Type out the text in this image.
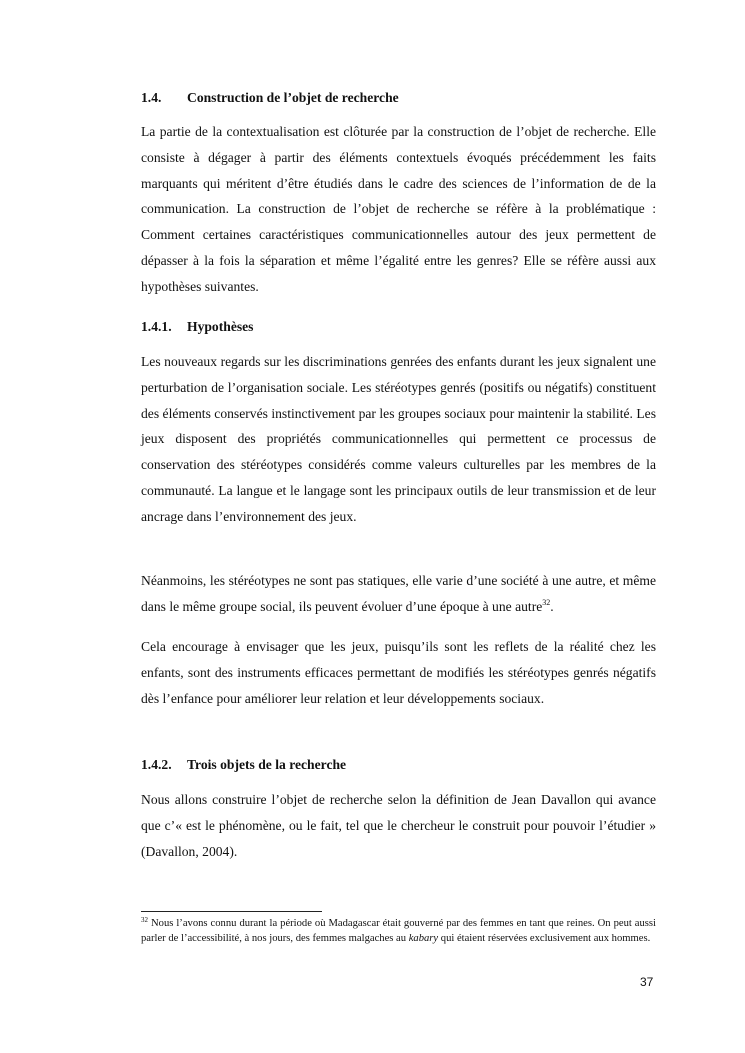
1.4. Construction de l’objet de recherche

La partie de la contextualisation est clôturée par la construction de l’objet de recherche. Elle consiste à dégager à partir des éléments contextuels évoqués précédemment les faits marquants qui méritent d’être étudiés dans le cadre des sciences de l’information de de la communication. La construction de l’objet de recherche se réfère à la problématique : Comment certaines caractéristiques communicationnelles autour des jeux permettent de dépasser à la fois la séparation et même l’égalité entre les genres? Elle se réfère aussi aux hypothèses suivantes.

1.4.1. Hypothèses

Les nouveaux regards sur les discriminations genrées des enfants durant les jeux signalent une perturbation de l’organisation sociale. Les stéréotypes genrés (positifs ou négatifs) constituent des éléments conservés instinctivement par les groupes sociaux pour maintenir la stabilité. Les jeux disposent des propriétés communicationnelles qui permettent ce processus de conservation des stéréotypes considérés comme valeurs culturelles par les membres de la communauté. La langue et le langage sont les principaux outils de leur transmission et de leur ancrage dans l’environnement des jeux.

Néanmoins, les stéréotypes ne sont pas statiques, elle varie d’une société à une autre, et même dans le même groupe social, ils peuvent évoluer d’une époque à une autre$^{32}$.

Cela encourage à envisager que les jeux, puisqu’ils sont les reflets de la réalité chez les enfants, sont des instruments efficaces permettant de modifiés les stéréotypes genrés négatifs dès l’enfance pour améliorer leur relation et leur développements sociaux.

1.4.2. Trois objets de la recherche

Nous allons construire l’objet de recherche selon la définition de Jean Davallon qui avance que c’« est le phénomène, ou le fait, tel que le chercheur le construit pour pouvoir l’étudier » (Davallon, 2004).

$^{32}$ Nous l’avons connu durant la période où Madagascar était gouverné par des femmes en tant que reines. On peut aussi parler de l’accessibilité, à nos jours, des femmes malgaches au kabary qui étaient réservées exclusivement aux hommes.

37
